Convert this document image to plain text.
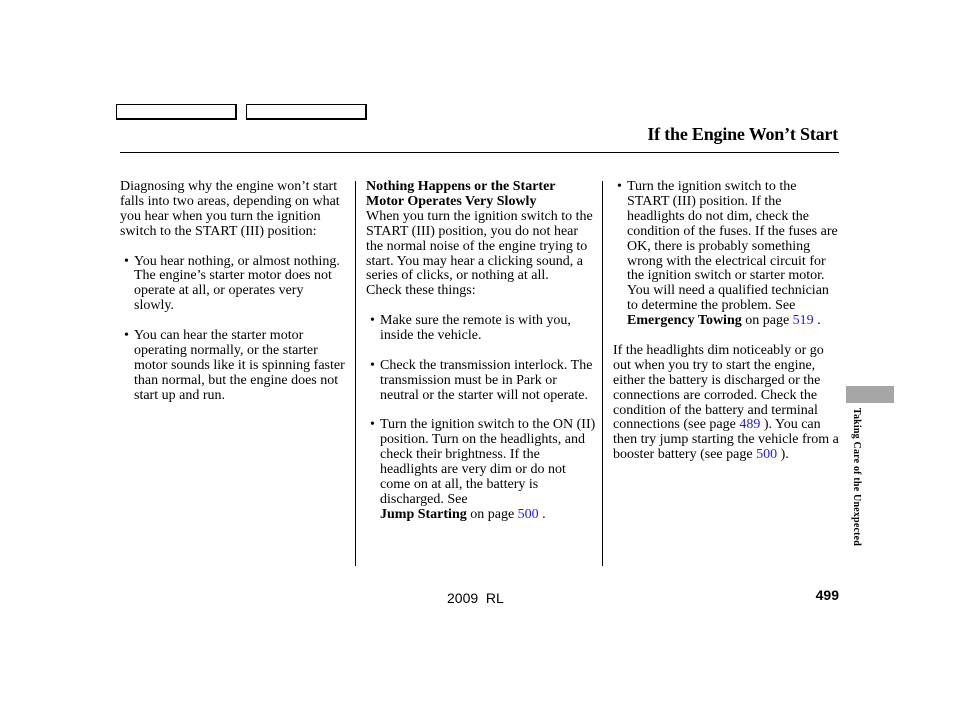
If the Engine Won’t Start

Diagnosing why the engine won’t start falls into two areas, depending on what you hear when you turn the ignition switch to the START (III) position:

• You hear nothing, or almost nothing. The engine’s starter motor does not operate at all, or operates very slowly.
• You can hear the starter motor operating normally, or the starter motor sounds like it is spinning faster than normal, but the engine does not start up and run.

Nothing Happens or the Starter
Motor Operates Very Slowly

When you turn the ignition switch to the START (III) position, you do not hear the normal noise of the engine trying to start. You may hear a clicking sound, a series of clicks, or nothing at all.

Check these things:

• Make sure the remote is with you, inside the vehicle.
• Check the transmission interlock. The transmission must be in Park or neutral or the starter will not operate.
• Turn the ignition switch to the ON (II) position. Turn on the headlights, and check their brightness. If the headlights are very dim or do not come on at all, the battery is discharged. See
Jump Starting on page 500 .
• Turn the ignition switch to the START (III) position. If the headlights do not dim, check the condition of the fuses. If the fuses are OK, there is probably something wrong with the electrical circuit for the ignition switch or starter motor. You will need a qualified technician to determine the problem. See
Emergency Towing on page 519 .

If the headlights dim noticeably or go out when you try to start the engine, either the battery is discharged or the connections are corroded. Check the condition of the battery and terminal connections (see page 489 ). You can then try jump starting the vehicle from a booster battery (see page 500 ).	Taking Care of the Unexpected
2009  RL	499
